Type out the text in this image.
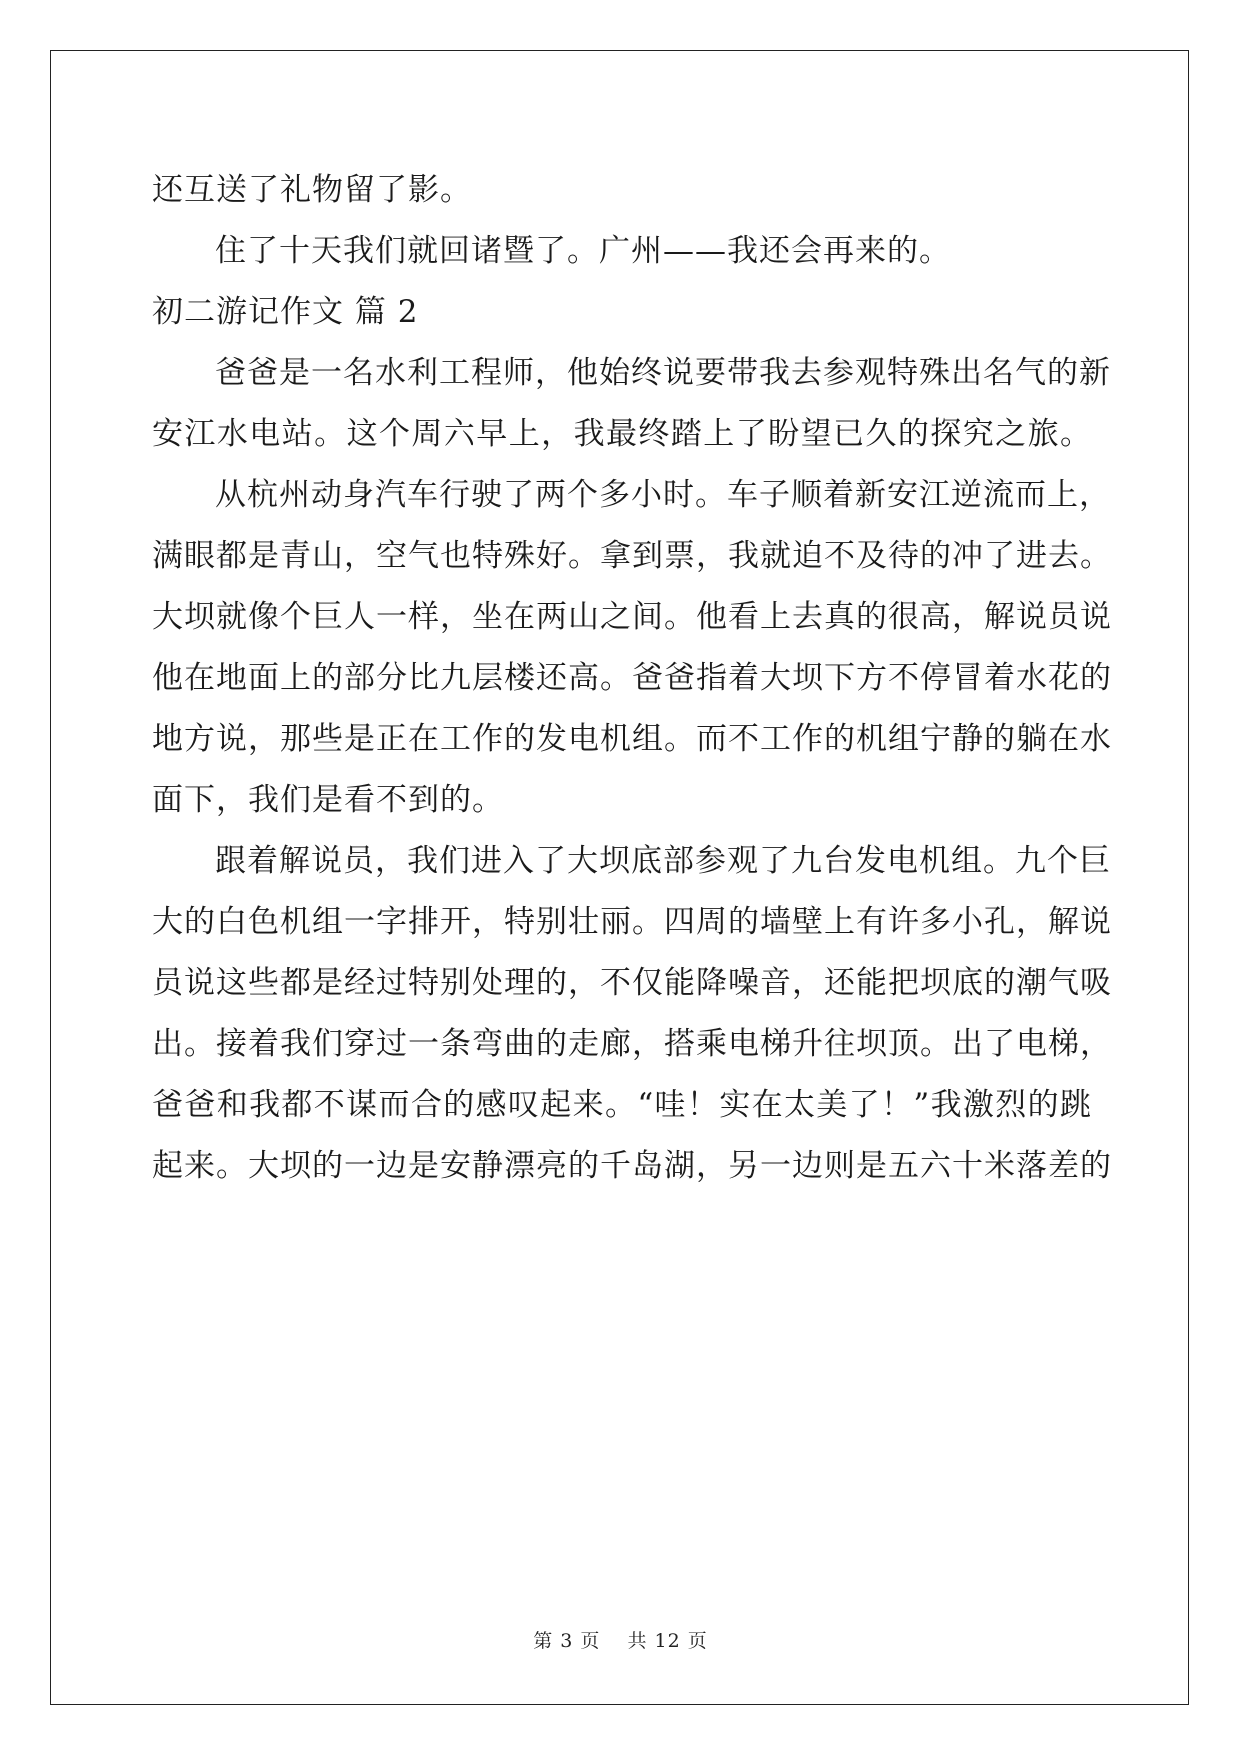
还互送了礼物留了影。
住了十天我们就回诸暨了。广州——我还会再来的。
初二游记作文 篇 2
爸爸是一名水利工程师，他始终说要带我去参观特殊出名气的新
安江水电站。这个周六早上，我最终踏上了盼望已久的探究之旅。
从杭州动身汽车行驶了两个多小时。车子顺着新安江逆流而上，
满眼都是青山，空气也特殊好。拿到票，我就迫不及待的冲了进去。
大坝就像个巨人一样，坐在两山之间。他看上去真的很高，解说员说
他在地面上的部分比九层楼还高。爸爸指着大坝下方不停冒着水花的
地方说，那些是正在工作的发电机组。而不工作的机组宁静的躺在水
面下，我们是看不到的。
跟着解说员，我们进入了大坝底部参观了九台发电机组。九个巨
大的白色机组一字排开，特别壮丽。四周的墙壁上有许多小孔，解说
员说这些都是经过特别处理的，不仅能降噪音，还能把坝底的潮气吸
出。接着我们穿过一条弯曲的走廊，搭乘电梯升往坝顶。出了电梯，
爸爸和我都不谋而合的感叹起来。“哇！实在太美了！”我激烈的跳
起来。大坝的一边是安静漂亮的千岛湖，另一边则是五六十米落差的
第 3 页 共 12 页
